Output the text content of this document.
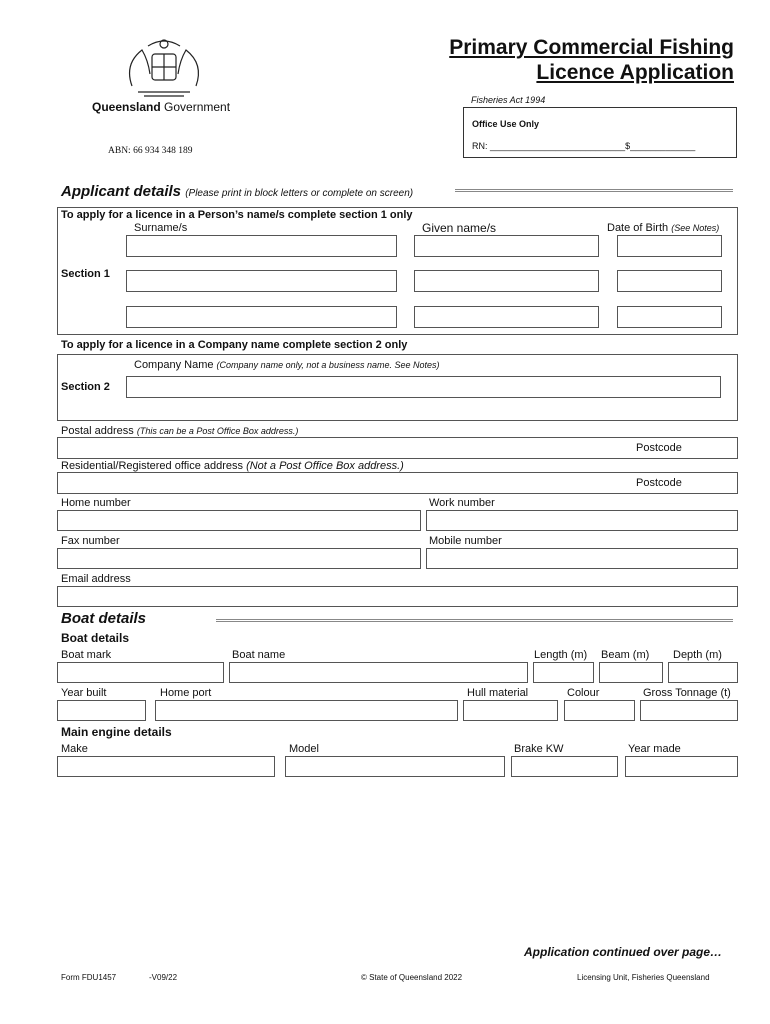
Queensland Government
ABN: 66 934 348 189
Primary Commercial Fishing
Licence Application
Fisheries Act 1994
Office Use Only
RN: ___________________________$_____________
Applicant details (Please print in block letters or complete on screen)
To apply for a licence in a Person’s name/s complete section 1 only
Surname/s	Given name/s	Date of Birth (See Notes)
Section 1
To apply for a licence in a Company name complete section 2 only
Company Name (Company name only, not a business name. See Notes)
Section 2
Postal address (This can be a Post Office Box address.)
Postcode
Residential/Registered office address (Not a Post Office Box address.)
Postcode
Home number	Work number
Fax number	Mobile number
Email address
Boat details
Boat details
Boat mark	Boat name	Length (m) Beam (m) Depth (m)
Year built	Home port	Hull material	Colour	Gross Tonnage (t)
Main engine details
Make	Model	Brake KW	Year made
Application continued over page…
Form FDU1457	-V09/22	© State of Queensland 2022	Licensing Unit, Fisheries Queensland
